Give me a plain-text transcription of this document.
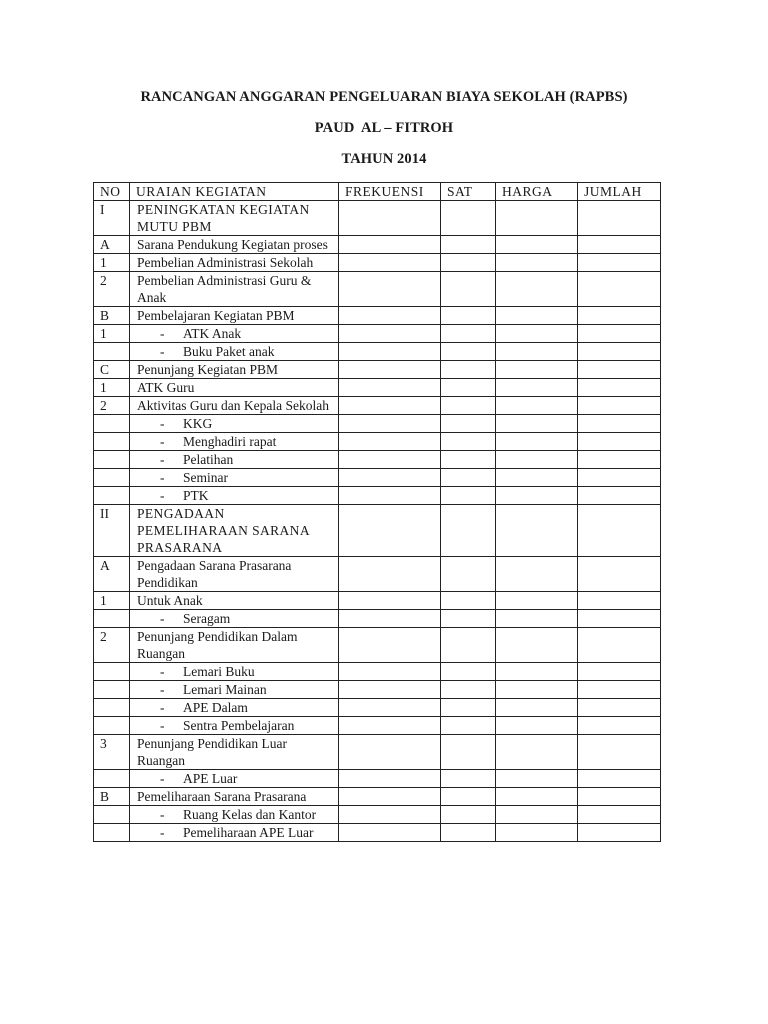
RANCANGAN ANGGARAN PENGELUARAN BIAYA SEKOLAH (RAPBS)
PAUD  AL – FITROH
TAHUN 2014
NO	URAIAN KEGIATAN	FREKUENSI	SAT	HARGA	JUMLAH
I	PENINGKATAN KEGIATAN MUTU PBM				
A	Sarana Pendukung Kegiatan proses				
1	Pembelian Administrasi Sekolah				
2	Pembelian Administrasi Guru & Anak				
B	Pembelajaran Kegiatan PBM				
1	- ATK Anak				

	- Buku Paket anak				

C	Penunjang Kegiatan PBM				
1	ATK Guru				
2	Aktivitas Guru dan Kepala Sekolah				

	- KKG				

	- Menghadiri rapat				

	- Pelatihan				

	- Seminar				

	- PTK				

II	PENGADAAN PEMELIHARAAN SARANA PRASARANA				
A	Pengadaan Sarana Prasarana Pendidikan				
1	Untuk Anak				

	- Seragam				

2	Penunjang Pendidikan Dalam Ruangan				

	- Lemari Buku				

	- Lemari Mainan				

	- APE Dalam				

	- Sentra Pembelajaran				

3	Penunjang Pendidikan Luar Ruangan				

	- APE Luar				

B	Pemeliharaan Sarana Prasarana				

	- Ruang Kelas dan Kantor				

	- Pemeliharaan APE Luar				
